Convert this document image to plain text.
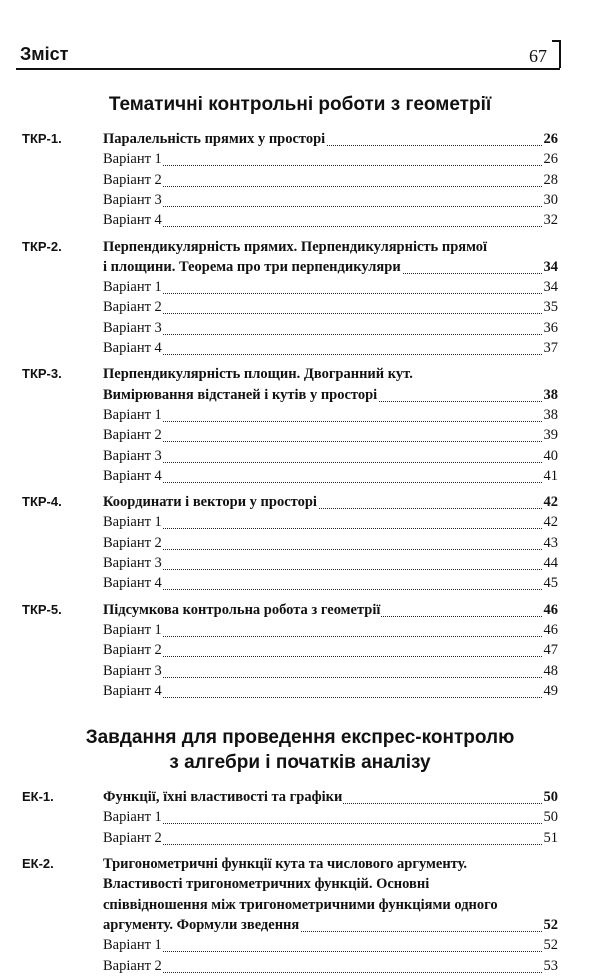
Зміст	67
Тематичні контрольні роботи з геометрії
ТКР-1.	Паралельність прямих у просторі	26
Варіант 1	26
Варіант 2	28
Варіант 3	30
Варіант 4	32
ТКР-2.	Перпендикулярність прямих. Перпендикулярність прямої
і площини. Теорема про три перпендикуляри	34
Варіант 1	34
Варіант 2	35
Варіант 3	36
Варіант 4	37
ТКР-3.	Перпендикулярність площин. Двогранний кут.
Вимірювання відстаней і кутів у просторі	38
Варіант 1	38
Варіант 2	39
Варіант 3	40
Варіант 4	41
ТКР-4.	Координати і вектори у просторі	42
Варіант 1	42
Варіант 2	43
Варіант 3	44
Варіант 4	45
ТКР-5.	Підсумкова контрольна робота з геометрії	46
Варіант 1	46
Варіант 2	47
Варіант 3	48
Варіант 4	49
Завдання для проведення експрес-контролю
з алгебри і початків аналізу
ЕК-1.	Функції, їхні властивості та графіки	50
Варіант 1	50
Варіант 2	51
ЕК-2.	Тригонометричні функції кута та числового аргументу.
Властивості тригонометричних функцій. Основні
співвідношення між тригонометричними функціями одного
аргументу. Формули зведення	52
Варіант 1	52
Варіант 2	53
